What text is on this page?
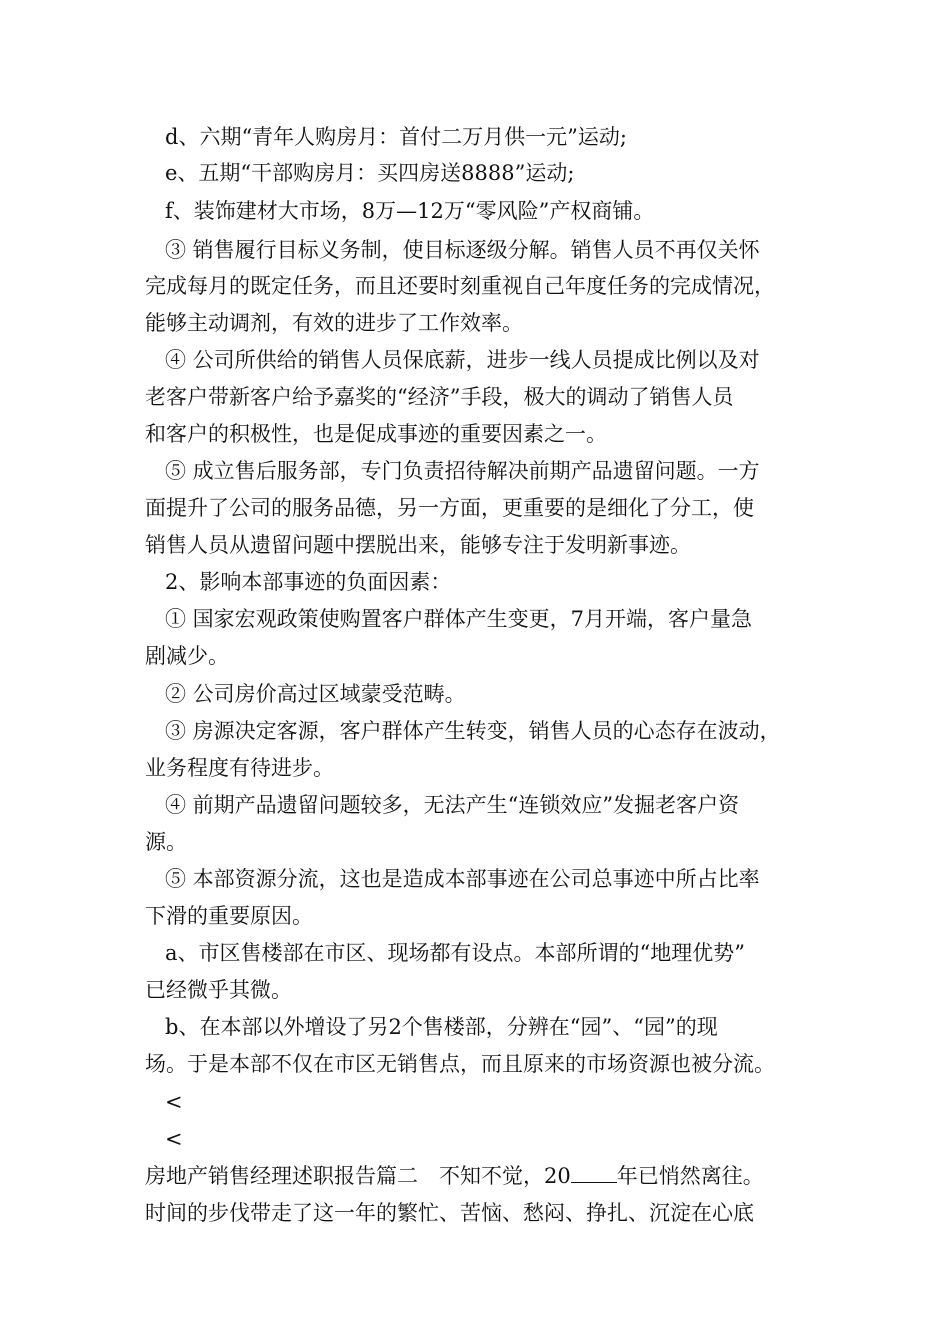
d、六期“青年人购房月：首付二万月供一元”运动;
e、五期“干部购房月：买四房送8888”运动;
f、装饰建材大市场，8万—12万“零风险”产权商铺。
③ 销售履行目标义务制，使目标逐级分解。销售人员不再仅关怀
完成每月的既定任务，而且还要时刻重视自己年度任务的完成情况，
能够主动调剂，有效的进步了工作效率。
④ 公司所供给的销售人员保底薪，进步一线人员提成比例以及对
老客户带新客户给予嘉奖的“经济”手段，极大的调动了销售人员
和客户的积极性，也是促成事迹的重要因素之一。
⑤ 成立售后服务部，专门负责招待解决前期产品遗留问题。一方
面提升了公司的服务品德，另一方面，更重要的是细化了分工，使
销售人员从遗留问题中摆脱出来，能够专注于发明新事迹。
2、影响本部事迹的负面因素：
① 国家宏观政策使购置客户群体产生变更，7月开端，客户量急
剧减少。
② 公司房价高过区域蒙受范畴。
③ 房源决定客源，客户群体产生转变，销售人员的心态存在波动，
业务程度有待进步。
④ 前期产品遗留问题较多，无法产生“连锁效应”发掘老客户资
源。
⑤ 本部资源分流，这也是造成本部事迹在公司总事迹中所占比率
下滑的重要原因。
a、市区售楼部在市区、现场都有设点。本部所谓的“地理优势”
已经微乎其微。
b、在本部以外增设了另2个售楼部，分辨在“园”、“园”的现
场。于是本部不仅在市区无销售点，而且原来的市场资源也被分流。
<
<
房地产销售经理述职报告篇二　不知不觉，20 年已悄然离往。
时间的步伐带走了这一年的繁忙、苦恼、愁闷、挣扎、沉淀在心底
